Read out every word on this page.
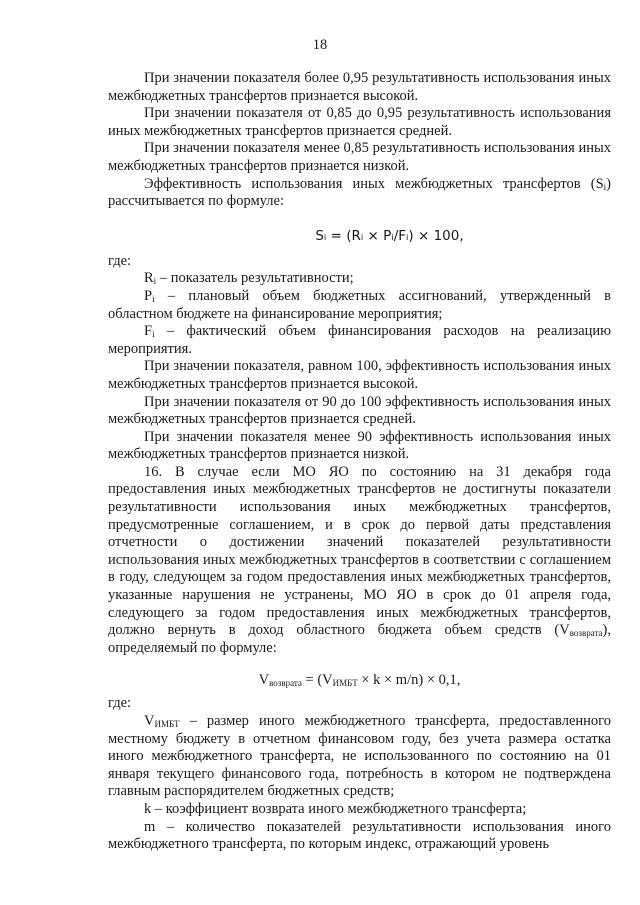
18

При значении показателя более 0,95 результативность использования иных межбюджетных трансфертов признается высокой.

При значении показателя от 0,85 до 0,95 результативность использования иных межбюджетных трансфертов признается средней.

При значении показателя менее 0,85 результативность использования иных межбюджетных трансфертов признается низкой.

Эффективность использования иных межбюджетных трансфертов $(S_i)$ рассчитывается по формуле:

Sᵢ = (Rᵢ × Pᵢ/Fᵢ) × 100,

где:

$R_i$ – показатель результативности;

$P_i$ – плановый объем бюджетных ассигнований, утвержденный в областном бюджете на финансирование мероприятия;

$F_i$ – фактический объем финансирования расходов на реализацию мероприятия.

При значении показателя, равном 100, эффективность использования иных межбюджетных трансфертов признается высокой.

При значении показателя от 90 до 100 эффективность использования иных межбюджетных трансфертов признается средней.

При значении показателя менее 90 эффективность использования иных межбюджетных трансфертов признается низкой.

16. В случае если МО ЯО по состоянию на 31 декабря года предоставления иных межбюджетных трансфертов не достигнуты показатели результативности использования иных межбюджетных трансфертов, предусмотренные соглашением, и в срок до первой даты представления отчетности о достижении значений показателей результативности использования иных межбюджетных трансфертов в соответствии с соглашением в году, следующем за годом предоставления иных межбюджетных трансфертов, указанные нарушения не устранены, МО ЯО в срок до 01 апреля года, следующего за годом предоставления иных межбюджетных трансфертов, должно вернуть в доход областного бюджета объем средств $(V_{возврата})$, определяемый по формуле:

$V_{возврата} = (V_{ИМБТ} \times k \times m/n) \times 0,1$,

где:

$V_{ИМБТ}$ – размер иного межбюджетного трансферта, предоставленного местному бюджету в отчетном финансовом году, без учета размера остатка иного межбюджетного трансферта, не использованного по состоянию на 01 января текущего финансового года, потребность в котором не подтверждена главным распорядителем бюджетных средств;

k – коэффициент возврата иного межбюджетного трансферта;

m – количество показателей результативности использования иного межбюджетного трансферта, по которым индекс, отражающий уровень
